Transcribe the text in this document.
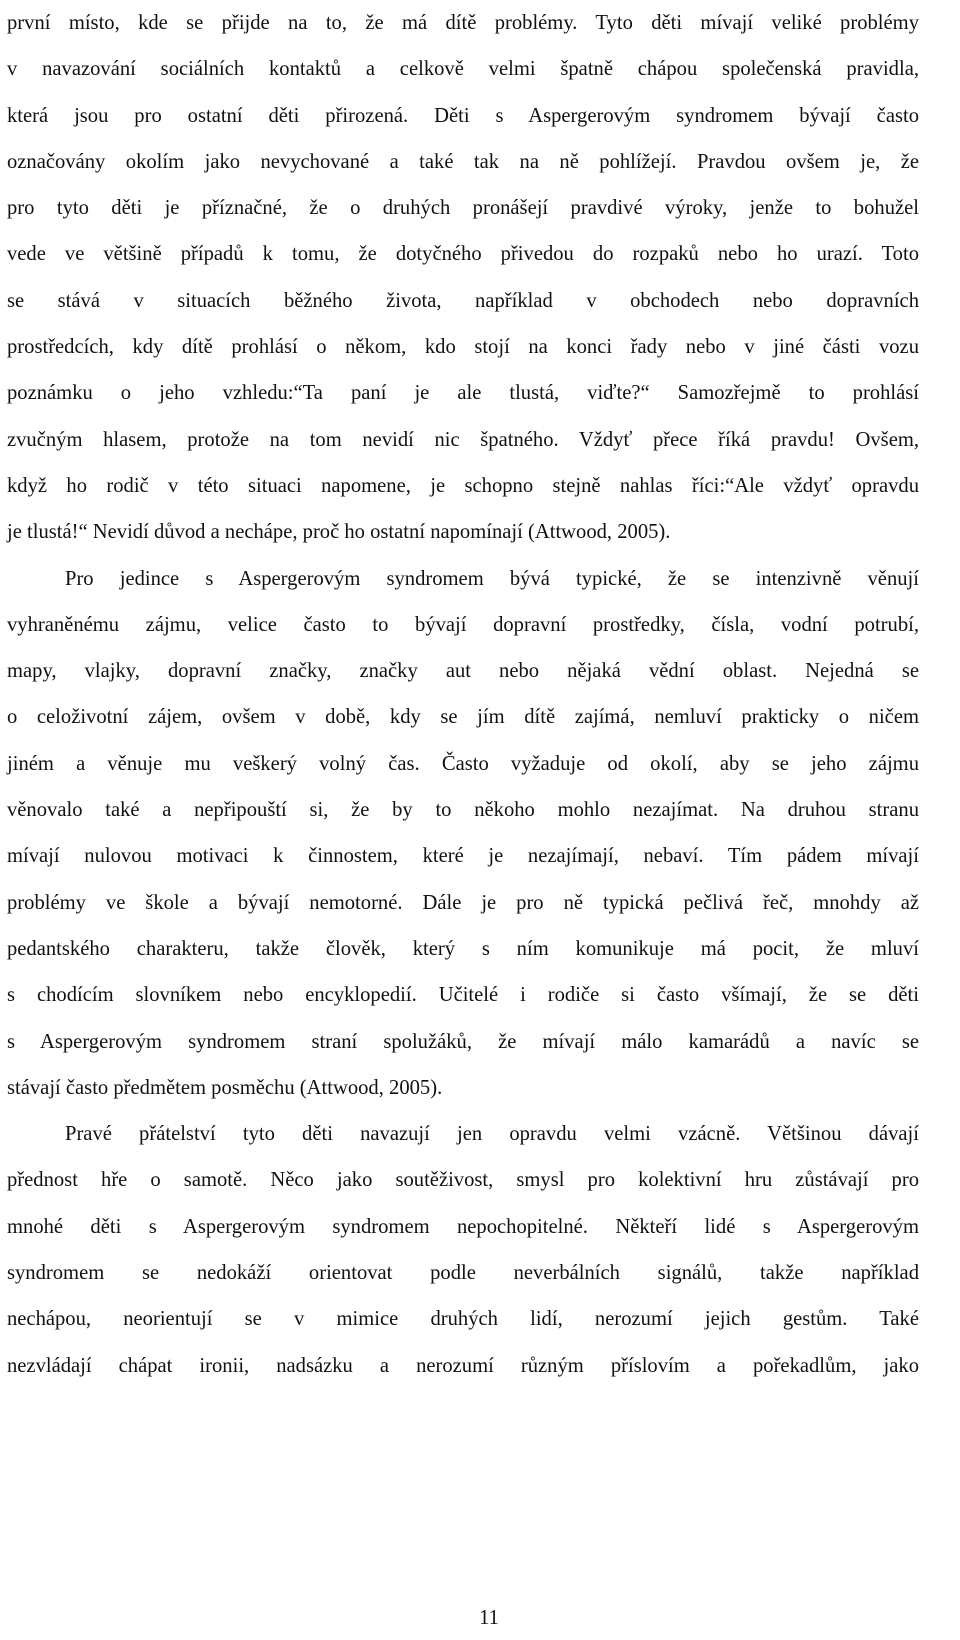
první místo, kde se přijde na to, že má dítě problémy. Tyto děti mívají veliké problémy
v navazování sociálních kontaktů a celkově velmi špatně chápou společenská pravidla,
která jsou pro ostatní děti přirozená. Děti s Aspergerovým syndromem bývají často
označovány okolím jako nevychované a také tak na ně pohlížejí. Pravdou ovšem je, že
pro tyto děti je příznačné, že o druhých pronášejí pravdivé výroky, jenže to bohužel
vede ve většině případů k tomu, že dotyčného přivedou do rozpaků nebo ho urazí. Toto
se stává v situacích běžného života, například v obchodech nebo dopravních
prostředcích, kdy dítě prohlásí o někom, kdo stojí na konci řady nebo v jiné části vozu
poznámku o jeho vzhledu:“Ta paní je ale tlustá, viďte?“ Samozřejmě to prohlásí
zvučným hlasem, protože na tom nevidí nic špatného. Vždyť přece říká pravdu! Ovšem,
když ho rodič v této situaci napomene, je schopno stejně nahlas říci:“Ale vždyť opravdu
je tlustá!“ Nevidí důvod a nechápe, proč ho ostatní napomínají (Attwood, 2005).
Pro jedince s Aspergerovým syndromem bývá typické, že se intenzivně věnují
vyhraněnému zájmu, velice často to bývají dopravní prostředky, čísla, vodní potrubí,
mapy, vlajky, dopravní značky, značky aut nebo nějaká vědní oblast. Nejedná se
o celoživotní zájem, ovšem v době, kdy se jím dítě zajímá, nemluví prakticky o ničem
jiném a věnuje mu veškerý volný čas. Často vyžaduje od okolí, aby se jeho zájmu
věnovalo také a nepřipouští si, že by to někoho mohlo nezajímat. Na druhou stranu
mívají nulovou motivaci k činnostem, které je nezajímají, nebaví. Tím pádem mívají
problémy ve škole a bývají nemotorné. Dále je pro ně typická pečlivá řeč, mnohdy až
pedantského charakteru, takže člověk, který s ním komunikuje má pocit, že mluví
s chodícím slovníkem nebo encyklopedií. Učitelé i rodiče si často všímají, že se děti
s Aspergerovým syndromem straní spolužáků, že mívají málo kamarádů a navíc se
stávají často předmětem posměchu (Attwood, 2005).
Pravé přátelství tyto děti navazují jen opravdu velmi vzácně. Většinou dávají
přednost hře o samotě. Něco jako soutěživost, smysl pro kolektivní hru zůstávají pro
mnohé děti s Aspergerovým syndromem nepochopitelné. Někteří lidé s Aspergerovým
syndromem se nedokáží orientovat podle neverbálních signálů, takže například
nechápou, neorientují se v mimice druhých lidí, nerozumí jejich gestům. Také
nezvládají chápat ironii, nadsázku a nerozumí různým příslovím a pořekadlům, jako
11
